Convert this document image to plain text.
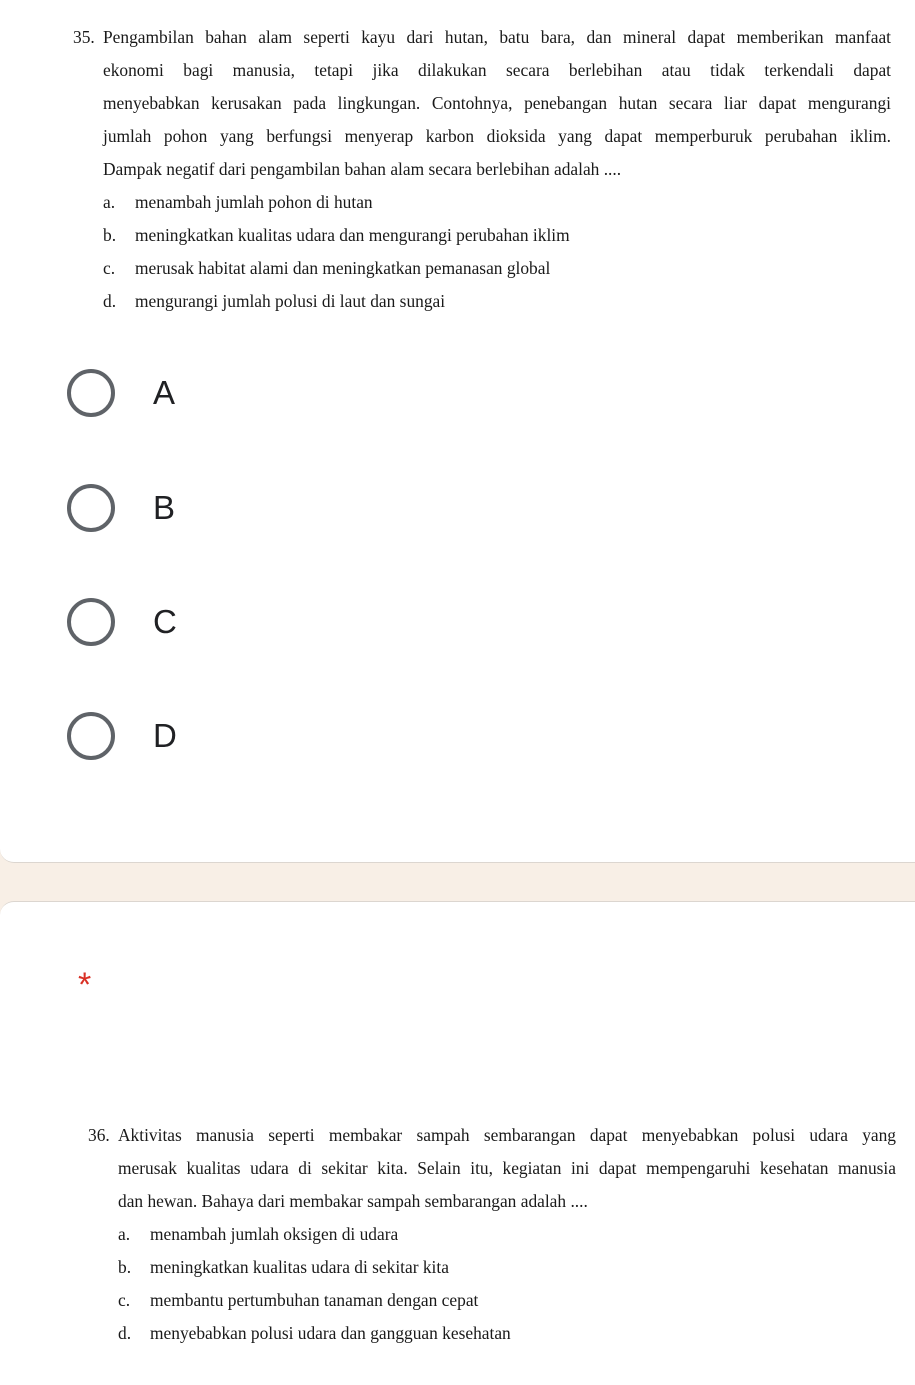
35. Pengambilan bahan alam seperti kayu dari hutan, batu bara, dan mineral dapat memberikan manfaat
ekonomi bagi manusia, tetapi jika dilakukan secara berlebihan atau tidak terkendali dapat
menyebabkan kerusakan pada lingkungan. Contohnya, penebangan hutan secara liar dapat mengurangi
jumlah pohon yang berfungsi menyerap karbon dioksida yang dapat memperburuk perubahan iklim.
Dampak negatif dari pengambilan bahan alam secara berlebihan adalah ....
a.	menambah jumlah pohon di hutan
b.	meningkatkan kualitas udara dan mengurangi perubahan iklim
c.	merusak habitat alami dan meningkatkan pemanasan global
d.	mengurangi jumlah polusi di laut dan sungai
A
B
C
D
*
36. Aktivitas manusia seperti membakar sampah sembarangan dapat menyebabkan polusi udara yang
merusak kualitas udara di sekitar kita. Selain itu, kegiatan ini dapat mempengaruhi kesehatan manusia
dan hewan. Bahaya dari membakar sampah sembarangan adalah ....
a.	menambah jumlah oksigen di udara
b.	meningkatkan kualitas udara di sekitar kita
c.	membantu pertumbuhan tanaman dengan cepat
d.	menyebabkan polusi udara dan gangguan kesehatan
